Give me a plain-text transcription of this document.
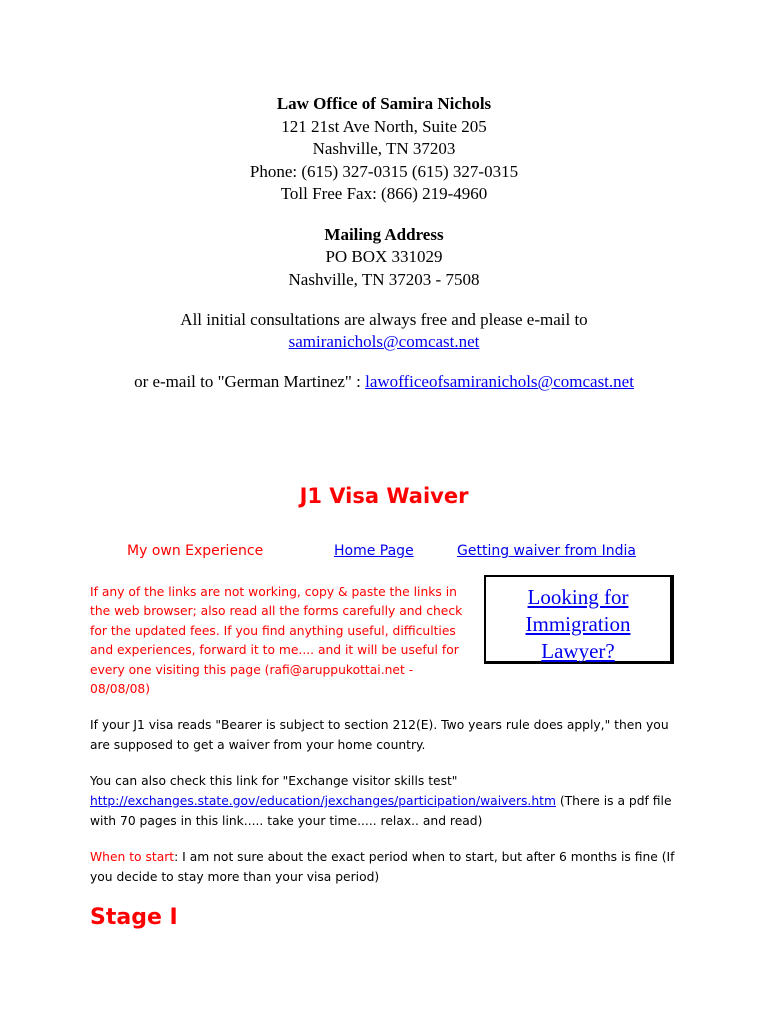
Law Office of Samira Nichols
121 21st Ave North, Suite 205
Nashville, TN 37203
Phone: (615) 327-0315 (615) 327-0315
Toll Free Fax: (866) 219-4960
Mailing Address
PO BOX 331029
Nashville, TN 37203 - 7508
All initial consultations are always free and please e-mail to
samiranichols@comcast.net
or e-mail to "German Martinez" : lawofficeofsamiranichols@comcast.net
J1 Visa Waiver
My own Experience	Home Page	Getting waiver from India
If any of the links are not working, copy & paste the links in the web browser; also read all the forms carefully and check for the updated fees. If you find anything useful, difficulties and experiences, forward it to me.... and it will be useful for every one visiting this page (rafi@aruppukottai.net - 08/08/08)
Looking for
Immigration
Lawyer?
If your J1 visa reads "Bearer is subject to section 212(E). Two years rule does apply," then you are supposed to get a waiver from your home country.
You can also check this link for "Exchange visitor skills test"
http://exchanges.state.gov/education/jexchanges/participation/waivers.htm (There is a pdf file with 70 pages in this link..... take your time..... relax.. and read)
When to start: I am not sure about the exact period when to start, but after 6 months is fine (If you decide to stay more than your visa period)
Stage I
